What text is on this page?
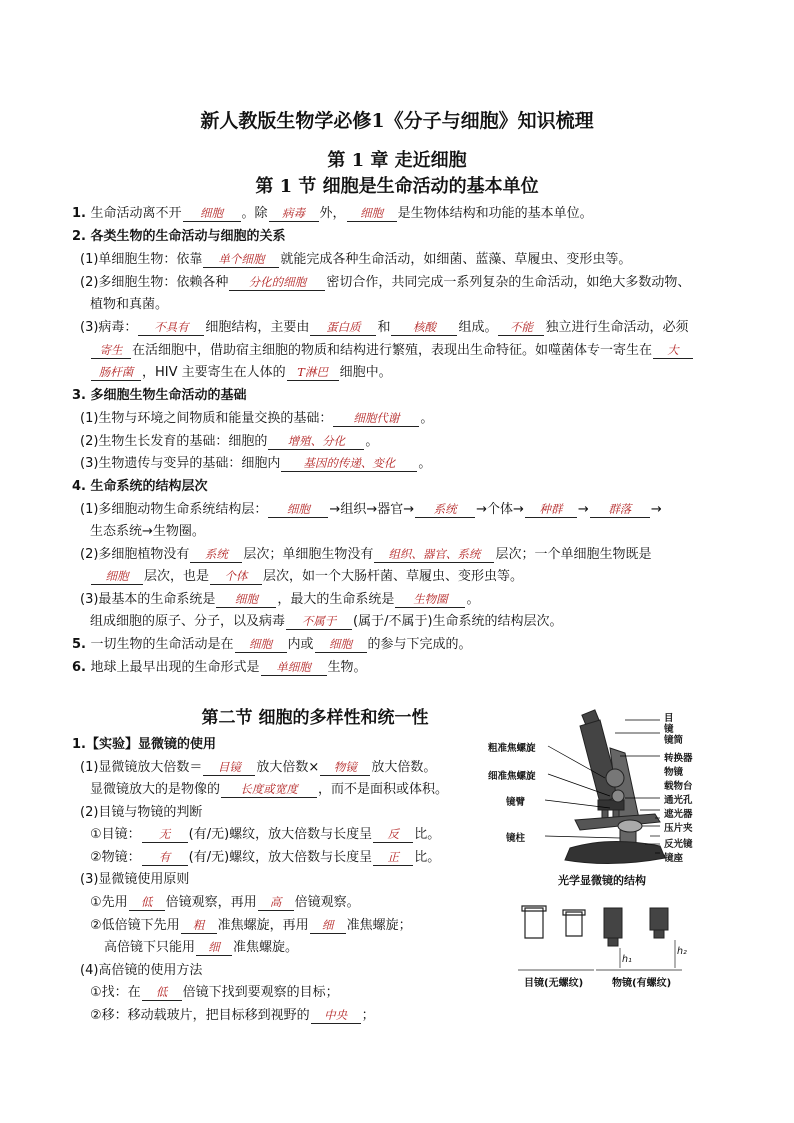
新人教版生物学必修1《分子与细胞》知识梳理
第 1 章 走近细胞
第 1 节 细胞是生命活动的基本单位
1. 生命活动离不开 细胞 。除 病毒 外， 细胞 是生物体结构和功能的基本单位。
2. 各类生物的生命活动与细胞的关系
(1)单细胞生物：依靠 单个细胞 就能完成各种生命活动，如细菌、蓝藻、草履虫、变形虫等。
(2)多细胞生物：依赖各种 分化的细胞 密切合作，共同完成一系列复杂的生命活动，如绝大多数动物、
植物和真菌。
(3)病毒： 不具有 细胞结构，主要由 蛋白质 和 核酸 组成。 不能 独立进行生命活动，必须
寄生 在活细胞中，借助宿主细胞的物质和结构进行繁殖，表现出生命特征。如噬菌体专一寄生在 大
肠杆菌 ，HIV 主要寄生在人体的 T淋巴 细胞中。
3. 多细胞生物生命活动的基础
(1)生物与环境之间物质和能量交换的基础： 细胞代谢 。
(2)生物生长发育的基础：细胞的 增殖、分化 。
(3)生物遗传与变异的基础：细胞内 基因的传递、变化 。
4. 生命系统的结构层次
(1)多细胞动物生命系统结构层： 细胞 →组织→器官→ 系统 →个体→ 种群 → 群落 →
生态系统→生物圈。
(2)多细胞植物没有 系统 层次；单细胞生物没有 组织、器官、系统 层次；一个单细胞生物既是
细胞 层次，也是 个体 层次，如一个大肠杆菌、草履虫、变形虫等。
(3)最基本的生命系统是 细胞 ，最大的生命系统是 生物圈 。
组成细胞的原子、分子，以及病毒 不属于 (属于/不属于)生命系统的结构层次。
5. 一切生物的生命活动是在 细胞 内或 细胞 的参与下完成的。
6. 地球上最早出现的生命形式是 单细胞 生物。
第二节 细胞的多样性和统一性
1.【实验】显微镜的使用
(1)显微镜放大倍数＝ 目镜 放大倍数× 物镜 放大倍数。
显微镜放大的是物像的 长度或宽度 ，而不是面积或体积。
(2)目镜与物镜的判断
①目镜： 无 (有/无)螺纹，放大倍数与长度呈 反 比。
②物镜： 有 (有/无)螺纹，放大倍数与长度呈 正 比。
(3)显微镜使用原则
①先用 低 倍镜观察，再用 高 倍镜观察。
②低倍镜下先用 粗 准焦螺旋，再用 细 准焦螺旋；
高倍镜下只能用 细 准焦螺旋。
(4)高倍镜的使用方法
①找：在 低 倍镜下找到要观察的目标；
②移：移动载玻片，把目标移到视野的 中央 ；
目
镜
镜筒
转换器
物镜
载物台
通光孔
遮光器
压片夹
反光镜
镜座
粗准焦螺旋
细准焦螺旋
镜臂
镜柱
光学显微镜的结构
h₁
h₂
目镜(无螺纹)	物镜(有螺纹)
